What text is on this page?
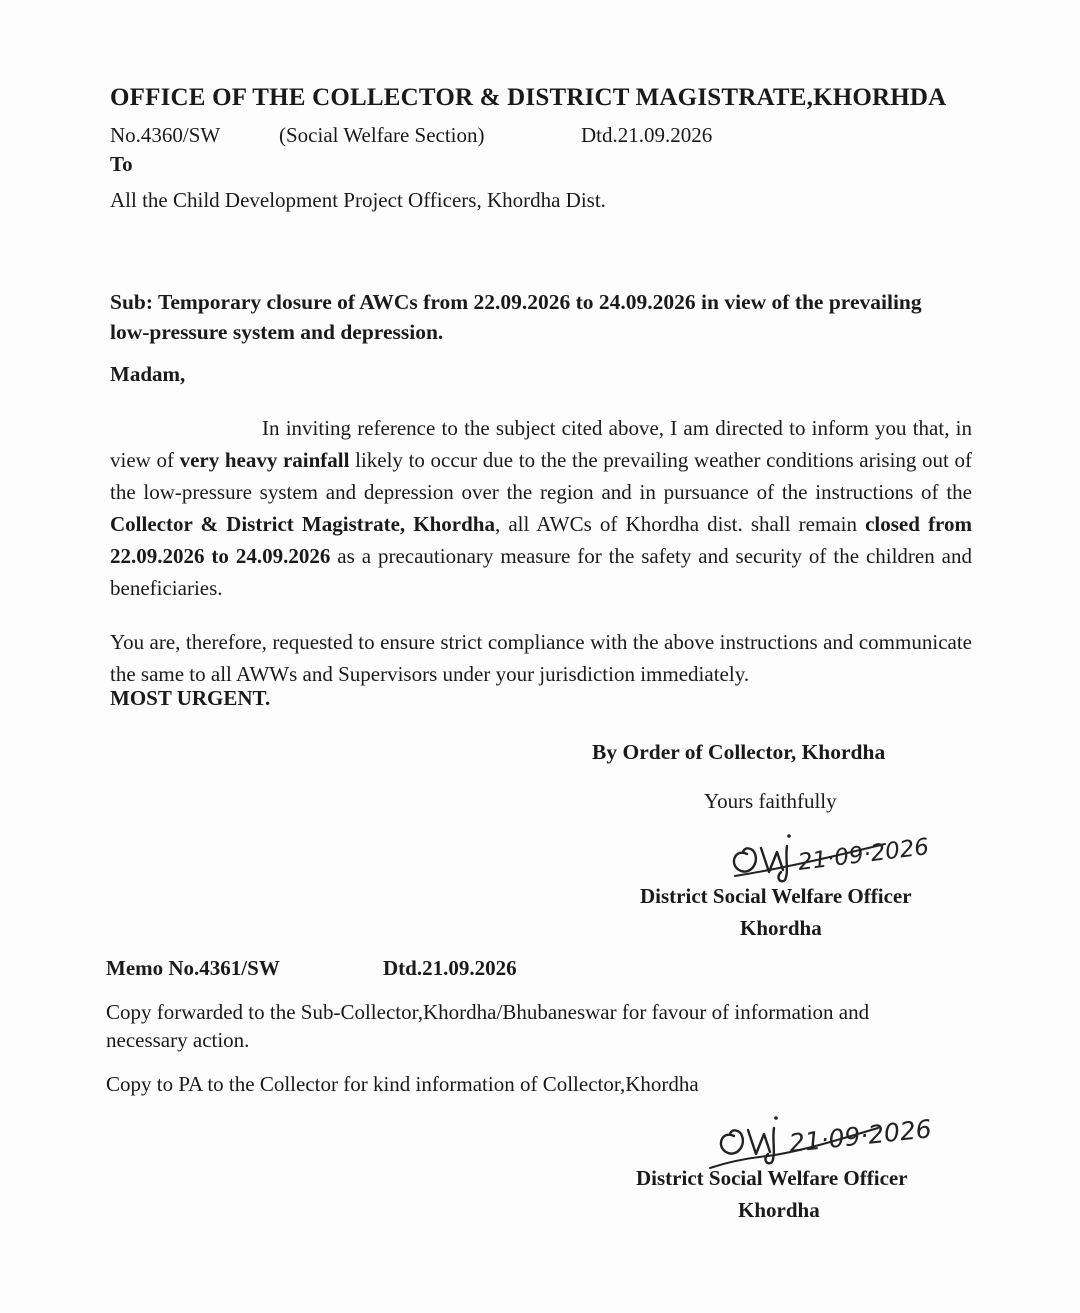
OFFICE OF THE COLLECTOR & DISTRICT MAGISTRATE,KHORHDA
No.4360/SW	(Social Welfare Section)	Dtd.21.09.2026
To
All the Child Development Project Officers, Khordha Dist.
Sub: Temporary closure of AWCs from 22.09.2026 to 24.09.2026 in view of the prevailing low-pressure system and depression.
Madam,
In inviting reference to the subject cited above, I am directed to inform you that, in view of very heavy rainfall likely to occur due to the the prevailing weather conditions arising out of the low-pressure system and depression over the region and in pursuance of the instructions of the Collector & District Magistrate, Khordha, all AWCs of Khordha dist. shall remain closed from 22.09.2026 to 24.09.2026 as a precautionary measure for the safety and security of the children and beneficiaries.
You are, therefore, requested to ensure strict compliance with the above instructions and communicate the same to all AWWs and Supervisors under your jurisdiction immediately.
MOST URGENT.
By Order of Collector, Khordha
Yours faithfully
21·09·2026
District Social Welfare Officer
Khordha
Memo No.4361/SW	Dtd.21.09.2026
Copy forwarded to the Sub-Collector,Khordha/Bhubaneswar for favour of information and necessary action.
Copy to PA to the Collector for kind information of Collector,Khordha
21·09·2026
District Social Welfare Officer
Khordha
